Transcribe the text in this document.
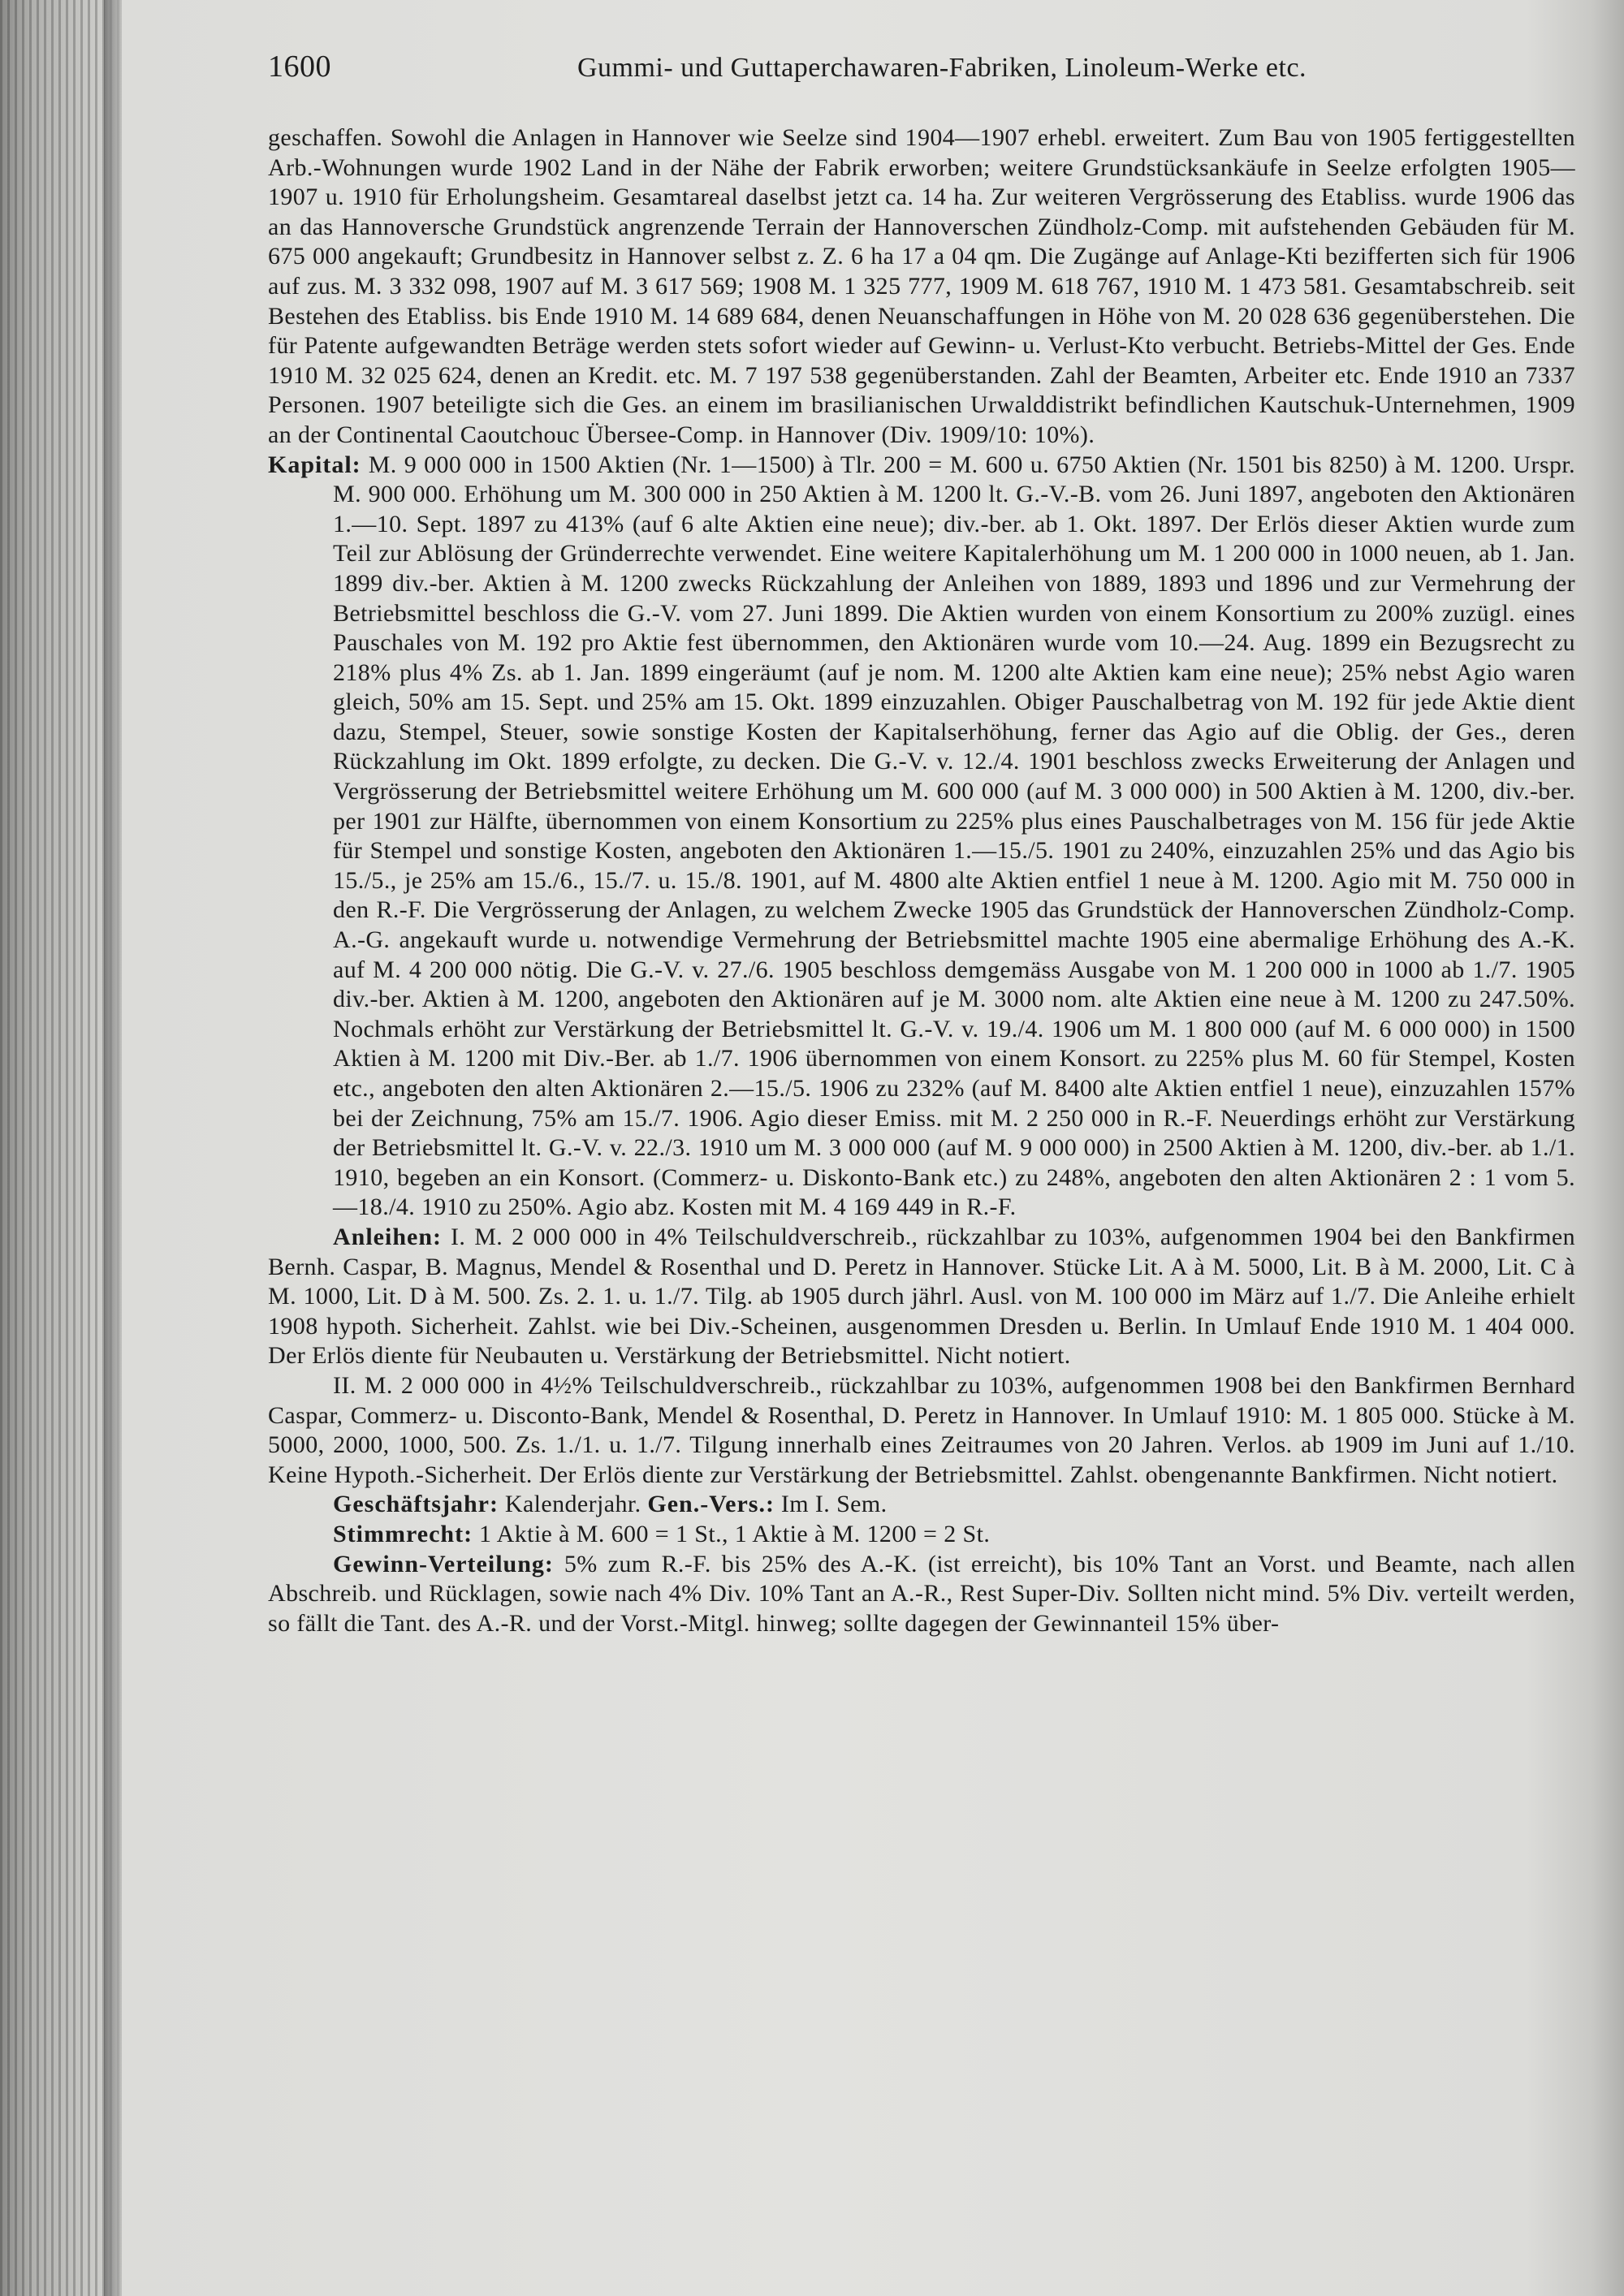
1600	Gummi- und Guttaperchawaren-Fabriken, Linoleum-Werke etc.

geschaffen. Sowohl die Anlagen in Hannover wie Seelze sind 1904—1907 erhebl. erweitert. Zum Bau von 1905 fertiggestellten Arb.-Wohnungen wurde 1902 Land in der Nähe der Fabrik erworben; weitere Grundstücksankäufe in Seelze erfolgten 1905—1907 u. 1910 für Erholungsheim. Gesamtareal daselbst jetzt ca. 14 ha. Zur weiteren Vergrösserung des Etabliss. wurde 1906 das an das Hannoversche Grundstück angrenzende Terrain der Hannoverschen Zündholz-Comp. mit aufstehenden Gebäuden für M. 675 000 angekauft; Grundbesitz in Hannover selbst z. Z. 6 ha 17 a 04 qm. Die Zugänge auf Anlage-Kti bezifferten sich für 1906 auf zus. M. 3 332 098, 1907 auf M. 3 617 569; 1908 M. 1 325 777, 1909 M. 618 767, 1910 M. 1 473 581. Gesamtabschreib. seit Bestehen des Etabliss. bis Ende 1910 M. 14 689 684, denen Neuanschaffungen in Höhe von M. 20 028 636 gegenüberstehen. Die für Patente aufgewandten Beträge werden stets sofort wieder auf Gewinn- u. Verlust-Kto verbucht. Betriebs-Mittel der Ges. Ende 1910 M. 32 025 624, denen an Kredit. etc. M. 7 197 538 gegenüberstanden. Zahl der Beamten, Arbeiter etc. Ende 1910 an 7337 Personen. 1907 beteiligte sich die Ges. an einem im brasilianischen Urwalddistrikt befindlichen Kautschuk-Unternehmen, 1909 an der Continental Caoutchouc Übersee-Comp. in Hannover (Div. 1909/10: 10%).

Kapital: M. 9 000 000 in 1500 Aktien (Nr. 1—1500) à Tlr. 200 = M. 600 u. 6750 Aktien (Nr. 1501 bis 8250) à M. 1200. Urspr. M. 900 000. Erhöhung um M. 300 000 in 250 Aktien à M. 1200 lt. G.-V.-B. vom 26. Juni 1897, angeboten den Aktionären 1.—10. Sept. 1897 zu 413% (auf 6 alte Aktien eine neue); div.-ber. ab 1. Okt. 1897. Der Erlös dieser Aktien wurde zum Teil zur Ablösung der Gründerrechte verwendet. Eine weitere Kapitalerhöhung um M. 1 200 000 in 1000 neuen, ab 1. Jan. 1899 div.-ber. Aktien à M. 1200 zwecks Rückzahlung der Anleihen von 1889, 1893 und 1896 und zur Vermehrung der Betriebsmittel beschloss die G.-V. vom 27. Juni 1899. Die Aktien wurden von einem Konsortium zu 200% zuzügl. eines Pauschales von M. 192 pro Aktie fest übernommen, den Aktionären wurde vom 10.—24. Aug. 1899 ein Bezugsrecht zu 218% plus 4% Zs. ab 1. Jan. 1899 eingeräumt (auf je nom. M. 1200 alte Aktien kam eine neue); 25% nebst Agio waren gleich, 50% am 15. Sept. und 25% am 15. Okt. 1899 einzuzahlen. Obiger Pauschalbetrag von M. 192 für jede Aktie dient dazu, Stempel, Steuer, sowie sonstige Kosten der Kapitalserhöhung, ferner das Agio auf die Oblig. der Ges., deren Rückzahlung im Okt. 1899 erfolgte, zu decken. Die G.-V. v. 12./4. 1901 beschloss zwecks Erweiterung der Anlagen und Vergrösserung der Betriebsmittel weitere Erhöhung um M. 600 000 (auf M. 3 000 000) in 500 Aktien à M. 1200, div.-ber. per 1901 zur Hälfte, übernommen von einem Konsortium zu 225% plus eines Pauschalbetrages von M. 156 für jede Aktie für Stempel und sonstige Kosten, angeboten den Aktionären 1.—15./5. 1901 zu 240%, einzuzahlen 25% und das Agio bis 15./5., je 25% am 15./6., 15./7. u. 15./8. 1901, auf M. 4800 alte Aktien entfiel 1 neue à M. 1200. Agio mit M. 750 000 in den R.-F. Die Vergrösserung der Anlagen, zu welchem Zwecke 1905 das Grundstück der Hannoverschen Zündholz-Comp. A.-G. angekauft wurde u. notwendige Vermehrung der Betriebsmittel machte 1905 eine abermalige Erhöhung des A.-K. auf M. 4 200 000 nötig. Die G.-V. v. 27./6. 1905 beschloss demgemäss Ausgabe von M. 1 200 000 in 1000 ab 1./7. 1905 div.-ber. Aktien à M. 1200, angeboten den Aktionären auf je M. 3000 nom. alte Aktien eine neue à M. 1200 zu 247.50%. Nochmals erhöht zur Verstärkung der Betriebsmittel lt. G.-V. v. 19./4. 1906 um M. 1 800 000 (auf M. 6 000 000) in 1500 Aktien à M. 1200 mit Div.-Ber. ab 1./7. 1906 übernommen von einem Konsort. zu 225% plus M. 60 für Stempel, Kosten etc., angeboten den alten Aktionären 2.—15./5. 1906 zu 232% (auf M. 8400 alte Aktien entfiel 1 neue), einzuzahlen 157% bei der Zeichnung, 75% am 15./7. 1906. Agio dieser Emiss. mit M. 2 250 000 in R.-F. Neuerdings erhöht zur Verstärkung der Betriebsmittel lt. G.-V. v. 22./3. 1910 um M. 3 000 000 (auf M. 9 000 000) in 2500 Aktien à M. 1200, div.-ber. ab 1./1. 1910, begeben an ein Konsort. (Commerz- u. Diskonto-Bank etc.) zu 248%, angeboten den alten Aktionären 2 : 1 vom 5.—18./4. 1910 zu 250%. Agio abz. Kosten mit M. 4 169 449 in R.-F.

Anleihen: I. M. 2 000 000 in 4% Teilschuldverschreib., rückzahlbar zu 103%, aufgenommen 1904 bei den Bankfirmen Bernh. Caspar, B. Magnus, Mendel & Rosenthal und D. Peretz in Hannover. Stücke Lit. A à M. 5000, Lit. B à M. 2000, Lit. C à M. 1000, Lit. D à M. 500. Zs. 2. 1. u. 1./7. Tilg. ab 1905 durch jährl. Ausl. von M. 100 000 im März auf 1./7. Die Anleihe erhielt 1908 hypoth. Sicherheit. Zahlst. wie bei Div.-Scheinen, ausgenommen Dresden u. Berlin. In Umlauf Ende 1910 M. 1 404 000. Der Erlös diente für Neubauten u. Verstärkung der Betriebsmittel. Nicht notiert.

II. M. 2 000 000 in 4½% Teilschuldverschreib., rückzahlbar zu 103%, aufgenommen 1908 bei den Bankfirmen Bernhard Caspar, Commerz- u. Disconto-Bank, Mendel & Rosenthal, D. Peretz in Hannover. In Umlauf 1910: M. 1 805 000. Stücke à M. 5000, 2000, 1000, 500. Zs. 1./1. u. 1./7. Tilgung innerhalb eines Zeitraumes von 20 Jahren. Verlos. ab 1909 im Juni auf 1./10. Keine Hypoth.-Sicherheit. Der Erlös diente zur Verstärkung der Betriebsmittel. Zahlst. obengenannte Bankfirmen. Nicht notiert.

Geschäftsjahr: Kalenderjahr. Gen.-Vers.: Im I. Sem.

Stimmrecht: 1 Aktie à M. 600 = 1 St., 1 Aktie à M. 1200 = 2 St.

Gewinn-Verteilung: 5% zum R.-F. bis 25% des A.-K. (ist erreicht), bis 10% Tant an Vorst. und Beamte, nach allen Abschreib. und Rücklagen, sowie nach 4% Div. 10% Tant an A.-R., Rest Super-Div. Sollten nicht mind. 5% Div. verteilt werden, so fällt die Tant. des A.-R. und der Vorst.-Mitgl. hinweg; sollte dagegen der Gewinnanteil 15% über-
